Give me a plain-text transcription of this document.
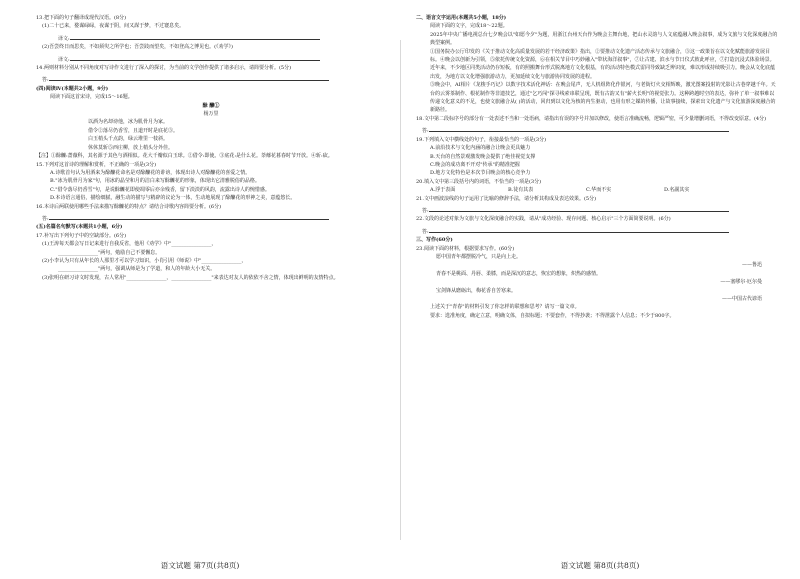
13.把下面的句子翻译成现代汉语。(8分)

(1)二十已来，婺谋碌碌，夜谋于阴，间又謀于梦，不过褰息矣。

译文:

(2)吾尝终日而思矣，不如须臾之所学也；吾尝跂而望矣，不如登高之博见也。(《劝学》)

译文:

14.两则材料分别从不同角度对写诗作文进行了深入的探讨，为当前的文学创作提供了诸多启示，请简要分析。(5分)

答:

(四)阅读Ⅳ(本题共2小题，9分)

阅读下面这首宋诗，完成15～16题。

酴 醾①

杨万里

以酒为名却谤他，冰为肌骨月为家。

借令②落尽仍香雪，且道开时是底花③。

白玉梢头千点韵，绿云堆里一枝斜。

休休莫斩⑤西庄柳，放上梢头分外佳。

【注】①酴醾:蔷薇科，其名源于其色与酒相似。花大千瓣似白玉球。②借令:即使。③底花:是什么花。荼蘼花暮春时节开放。④斩:砍。

15.下列对这首诗的理解和赏析，不正确的一项是(3分)

A.诗歌首句认为用酒来为酴醾花命名是对酴醾花的诽谤，体现出诗人对酴醾花的喜爱之情。

B."冰为肌骨月为家"句，用冰的晶莹和月的洁白来写酴醾花的形象，体现出它清雅脱俗的品格。

C."借令落尽仍香雪"句，是说酴醾花即使凋零后亦余残香，留下淡淡的风韵，流露出诗人的惋惜感。

D.本诗语言通俗，描绘细腻，融生动的描写与精辟的议论为一体，生动地展现了酴醾花的形神之美，意蕴悠长。

16.本诗后两联使用哪些手法来描写酴醾花的特点？请结合诗歌内容简要分析。(6分)

答:

(五)名篇名句默写(本题共1小题，6分)

17.补写出下列句子中的空缺部分。(6分)

(1)王涛每天都会写日记来进行自我反省，他用《劝学》中"________________，

________________"两句，勉励自己不要懈怠。

(2)小李认为只有从年长的人那里才可以学习知识，小肖引用《师说》中"________________，

________________"两句，强调从师是为了学道，和人的年龄大小无关。

(3)张明在研习诗文时发现，古人常用"________________，________________"来表达对友人的依依不舍之情，体现出鲜明的友情特点。

语文试题 第7页(共8页)

二、语言文字运用(本题共5小题，18分)

阅读下面的文字，完成18～22题。

2025年中央广播电视总台七夕晚会以"如愿今夕"为题，用浙江台州天台作为晚会主舞台地，把山水灵韵与人文底蕴融入晚会叙事，成为文旅与文化深度融合的典型案例。

①国务院办公厅印发的《关于推动文化高质量发展的若干经济政策》指出，②要推动文化遗产活态传承与文旅融合，③这一政策旨在以文化赋能旅游发展目标。④晚会以创新为引领，⑤依托传统文化资源，⑥在相关节目中巧妙融入"带状海洋叙事"，⑦让古建、滨水与节日仪式彼此呼应，⑦打造沉浸式体验场景。近年来，不少地区同类活动仍存短板，有的照搬舞台形式脱离地方文化根基，有的活动特色模式雷同导致缺乏辨识度，难以形成持续吸引力。晚会从文化底蕴出发，为地方以文化增强旅游动力，更加延续文化与旅游协同发展的进程。

③晚会中，AI相片《龙梭手巧记》以数字技术活化神话：在晚会尾声，无人机组阵化作银河，与老街灯火交相辉映，激光图案投射的光影让古巷穿越千年。天台的云雾茶制作、根花制作等非遗技艺，通过"乞巧闯"探寻线索串联呈现，既有古韵又有"薪火长明"的视觉张力。这种跨越时空的表达，弥补了单一叙事难以传递文化意义的不足，也使文旅融合从( )的活动，回归到以文化为核的内生驱动，也用有形之媒的传播，让故事接续，探索出文化遗产与文化旅游深度融合的新路径。

18.文中第二段标序号的部分有一处表述不当和一处语病，请指出有误的序号并加以修改，使语言准确流畅，逻辑严密，可少量增删词语，不得改变原意。(4分)

答:

19.下列填入文中横线处的句子，衔接最恰当的一项是(3分)

A.前沿技术与文化内涵的融合让晚会更具魅力

B.天台的自然景观激发晚会提供了绝佳视觉支撑

C.晚会的成功离不开对"传承"的精准把握

D.地方文化特色是本次节目晚会的核心竞争力

20.填入文中第三段括号内的词语，不恰当的一项是(3分)

A.浮于表面	B.徒有其表	C.华而不实	D.名副其实

21.文中画波浪线的句子运用了比喻的修辞手法，请分析其构成及表达效果。(5分)

答:

22.文段的论述对象为文旅与文化深度融合的实践，请从"成功经验、现存问题、核心启示"三个方面简要说明。(6分)

答:

三、写作(60分)

23.阅读下面的材料，根据要求写作。(60分)

愿中国青年都摆脱冷气，只是向上走。

——鲁迅

青春不是桃面、丹唇、柔膝，而是深沉的意志，恢宏的想象，炽热的感情。

——塞缪尔·厄尔曼

宝剑锋从磨砺出，梅花香自苦寒来。

——中国古代谚语

上述关于"青春"的材料引发了你怎样的联想和思考？请写一篇文章。

要求：选准角度，确定立意，明确文体，自拟标题；不要套作，不得抄袭；不得泄露个人信息；不少于800字。

语文试题 第8页(共8页)
